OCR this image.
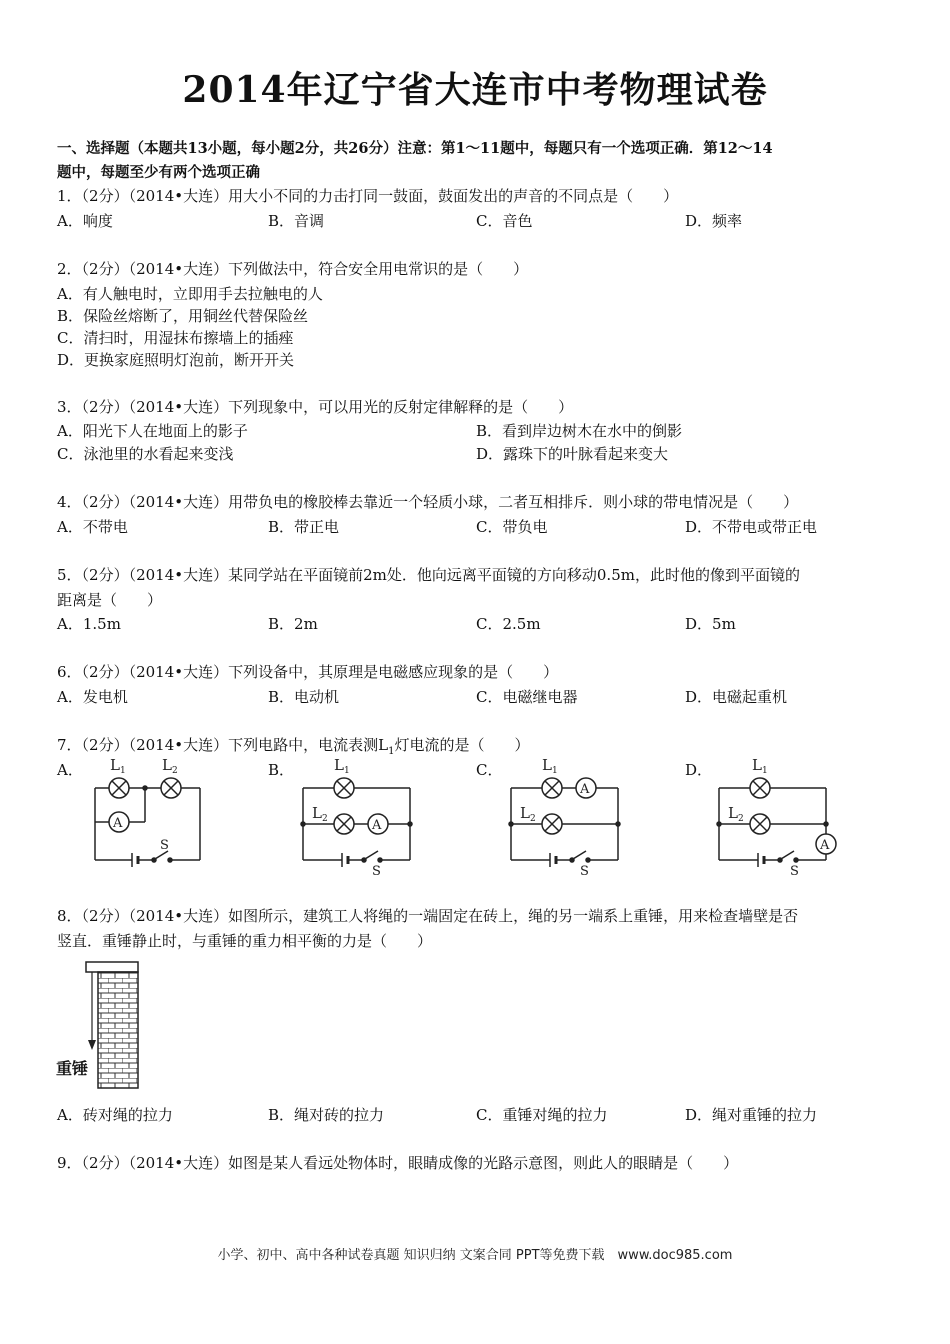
2014年辽宁省大连市中考物理试卷
一、选择题（本题共13小题，每小题2分，共26分）注意：第1～11题中，每题只有一个选项正确．第12～14
题中，每题至少有两个选项正确
1．（2分）（2014•大连）用大小不同的力击打同一鼓面，鼓面发出的声音的不同点是（　　）
A．响度	B．音调	C．音色	D．频率
2．（2分）（2014•大连）下列做法中，符合安全用电常识的是（　　）
A．有人触电时，立即用手去拉触电的人
B．保险丝熔断了，用铜丝代替保险丝
C．清扫时，用湿抹布擦墙上的插痤
D．更换家庭照明灯泡前，断开开关
3．（2分）（2014•大连）下列现象中，可以用光的反射定律解释的是（　　）
A．阳光下人在地面上的影子	B．看到岸边树木在水中的倒影
C．泳池里的水看起来变浅	D．露珠下的叶脉看起来变大
4．（2分）（2014•大连）用带负电的橡胶棒去靠近一个轻质小球，二者互相排斥．则小球的带电情况是（　　）
A．不带电	B．带正电	C．带负电	D．不带电或带正电
5．（2分）（2014•大连）某同学站在平面镜前2m处．他向远离平面镜的方向移动0.5m，此时他的像到平面镜的
距离是（　　）
A．1.5m	B．2m	C．2.5m	D．5m
6．（2分）（2014•大连）下列设备中，其原理是电磁感应现象的是（　　）
A．发电机	B．电动机	C．电磁继电器	D．电磁起重机
7．（2分）（2014•大连）下列电路中，电流表测$L_1$灯电流的是（　　）
A．	B．	C．	D．
L 1 L 2
A
S
L 1
L 2	A
S
L 1
A
L 2
S
L 1
L 2
A
S
8．（2分）（2014•大连）如图所示，建筑工人将绳的一端固定在砖上，绳的另一端系上重锤，用来检查墙壁是否
竖直．重锤静止时，与重锤的重力相平衡的力是（　　）
重锤
A．砖对绳的拉力	B．绳对砖的拉力	C．重锤对绳的拉力	D．绳对重锤的拉力
9．（2分）（2014•大连）如图是某人看远处物体时，眼睛成像的光路示意图，则此人的眼睛是（　　）
小学、初中、高中各种试卷真题 知识归纳 文案合同 PPT等免费下载　www.doc985.com
